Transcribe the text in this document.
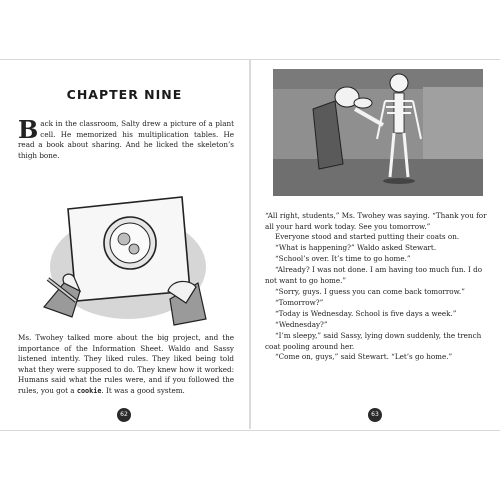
CHAPTER NINE

Back in the classroom, Salty drew a picture of a plant cell. He memorized his multiplication tables. He read a book about sharing. And he licked the skeleton’s thigh bone.

Ms. Twohey talked more about the big project, and the importance of the Information Sheet. Waldo and Sassy listened intently. They liked rules. They liked being told what they were supposed to do. They knew how it worked: Humans said what the rules were, and if you followed the rules, you got a cookie. It was a good system.

62

“All right, students,” Ms. Twohey was saying. “Thank you for all your hard work today. See you tomorrow.”

Everyone stood and started putting their coats on.

“What is happening?” Waldo asked Stewart.

“School’s over. It’s time to go home.”

“Already? I was not done. I am having too much fun. I do not want to go home.”

“Sorry, guys. I guess you can come back tomorrow.”

“Tomorrow?”

“Today is Wednesday. School is five days a week.”

“Wednesday?”

“I’m sleepy,” said Sassy, lying down suddenly, the trench coat pooling around her.

“Come on, guys,” said Stewart. “Let’s go home.”

63
